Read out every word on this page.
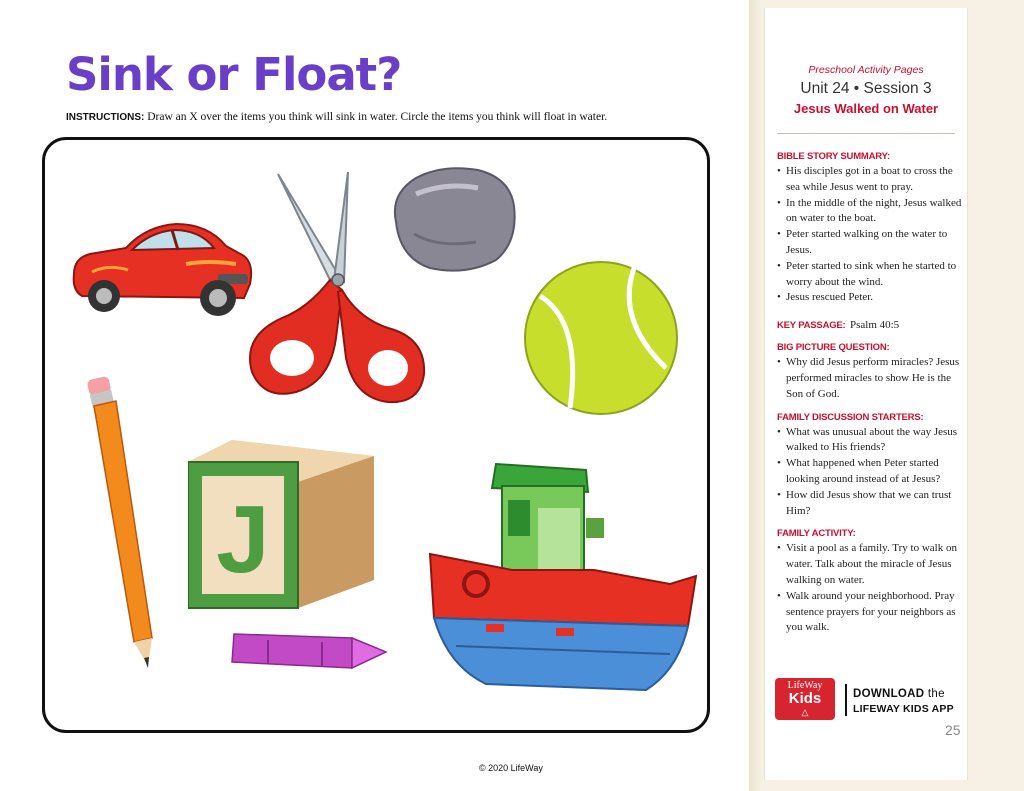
Sink or Float?
INSTRUCTIONS: Draw an X over the items you think will sink in water. Circle the items you think will float in water.
J
© 2020 LifeWay
Preschool Activity Pages
Unit 24 • Session 3
Jesus Walked on Water
BIBLE STORY SUMMARY:
• His disciples got in a boat to cross the sea while Jesus went to pray.
• In the middle of the night, Jesus walked on water to the boat.
• Peter started walking on the water to Jesus.
• Peter started to sink when he started to worry about the wind.
• Jesus rescued Peter.
KEY PASSAGE: Psalm 40:5
BIG PICTURE QUESTION:
• Why did Jesus perform miracles? Jesus performed miracles to show He is the Son of God.
FAMILY DISCUSSION STARTERS:
• What was unusual about the way Jesus walked to His friends?
• What happened when Peter started looking around instead of at Jesus?
• How did Jesus show that we can trust Him?
FAMILY ACTIVITY:
• Visit a pool as a family. Try to walk on water. Talk about the miracle of Jesus walking on water.
• Walk around your neighborhood. Pray sentence prayers for your neighbors as you walk.
LifeWay
Kids
△
DOWNLOAD the
LIFEWAY KIDS APP
25
